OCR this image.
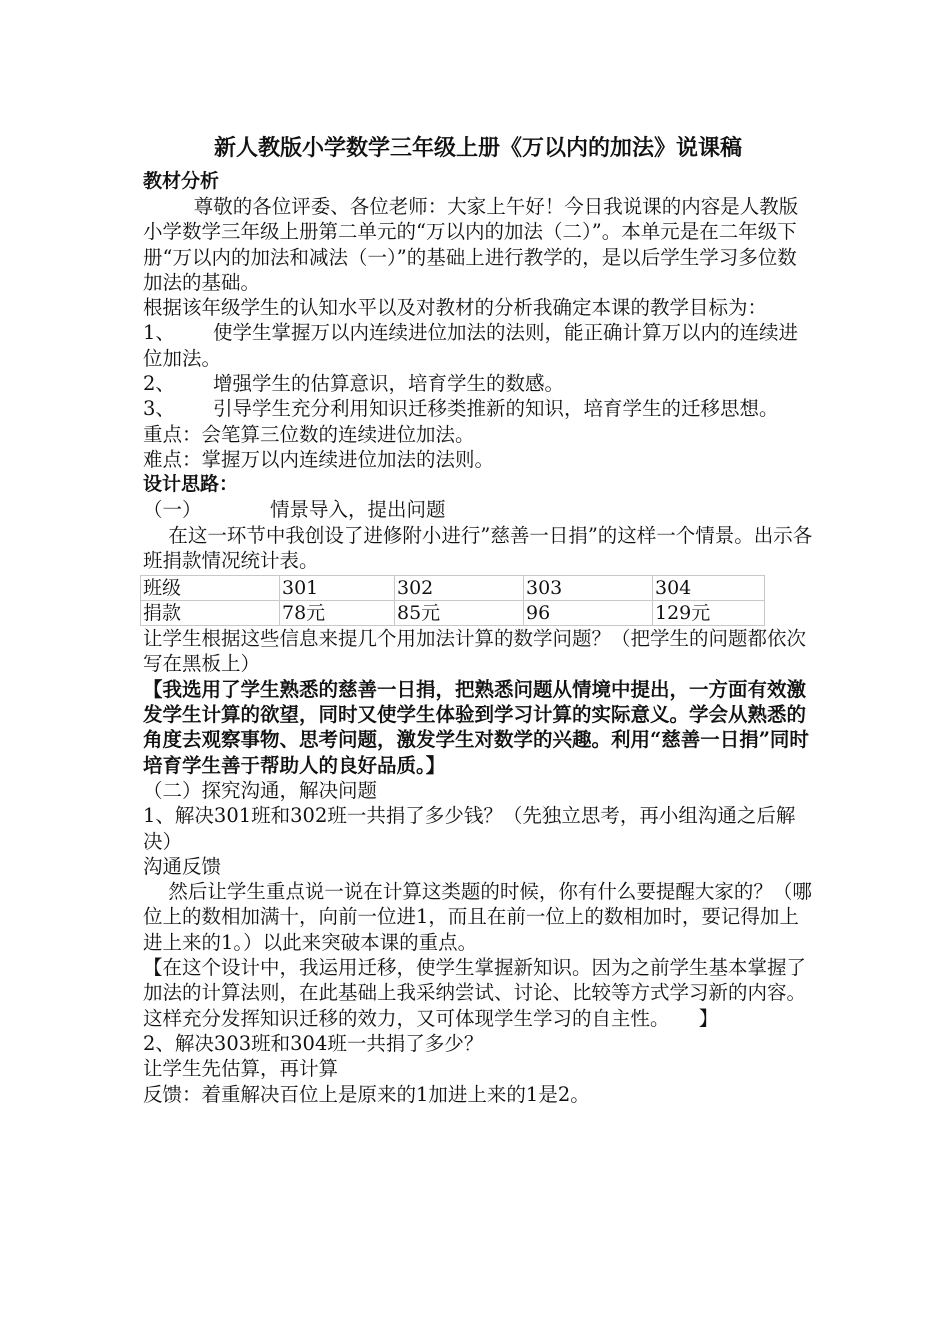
新人教版小学数学三年级上册《万以内的加法》说课稿
教材分析

尊敬的各位评委、各位老师：大家上午好！今日我说课的内容是人教版小学数学三年级上册第二单元的“万以内的加法（二）”。本单元是在二年级下册“万以内的加法和减法（一）”的基础上进行教学的，是以后学生学习多位数加法的基础。

根据该年级学生的认知水平以及对教材的分析我确定本课的教学目标为：

1、 使学生掌握万以内连续进位加法的法则，能正确计算万以内的连续进位加法。

2、 增强学生的估算意识，培育学生的数感。

3、 引导学生充分利用知识迁移类推新的知识，培育学生的迁移思想。

重点：会笔算三位数的连续进位加法。

难点：掌握万以内连续进位加法的法则。

设计思路：

（一）	情景导入，提出问题

在这一环节中我创设了进修附小进行”慈善一日捐”的这样一个情景。出示各班捐款情况统计表。

班级	301	302	303	304
捐款	78元	85元	96	129元

让学生根据这些信息来提几个用加法计算的数学问题？（把学生的问题都依次写在黑板上）

【我选用了学生熟悉的慈善一日捐，把熟悉问题从情境中提出，一方面有效激发学生计算的欲望，同时又使学生体验到学习计算的实际意义。学会从熟悉的角度去观察事物、思考问题，激发学生对数学的兴趣。利用“慈善一日捐”同时培育学生善于帮助人的良好品质。】

（二）探究沟通，解决问题

1、解决301班和302班一共捐了多少钱？（先独立思考，再小组沟通之后解决）

沟通反馈

然后让学生重点说一说在计算这类题的时候，你有什么要提醒大家的？（哪位上的数相加满十，向前一位进1，而且在前一位上的数相加时，要记得加上进上来的1。）以此来突破本课的重点。

【在这个设计中，我运用迁移，使学生掌握新知识。因为之前学生基本掌握了加法的计算法则，在此基础上我采纳尝试、讨论、比较等方式学习新的内容。这样充分发挥知识迁移的效力，又可体现学生学习的自主性。　　】

2、解决303班和304班一共捐了多少？

让学生先估算，再计算

反馈：着重解决百位上是原来的1加进上来的1是2。
